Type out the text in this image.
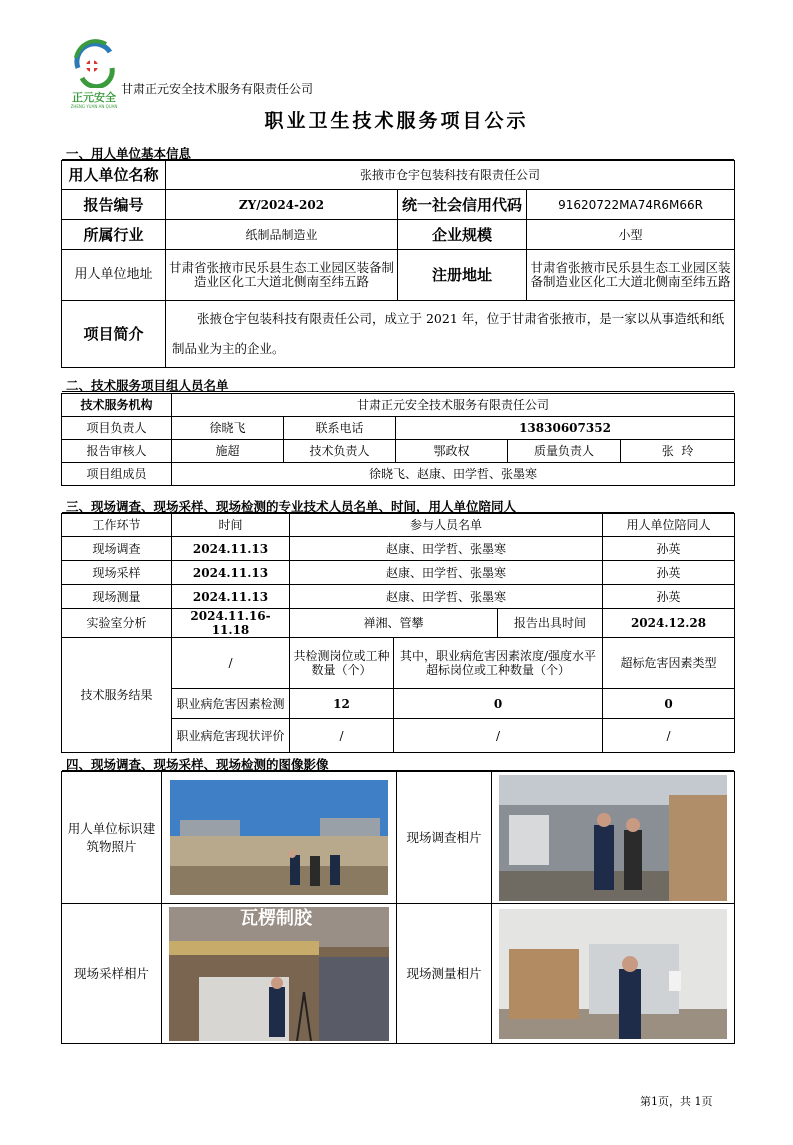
正元安全
ZHENG YUAN AN QUAN
甘肃正元安全技术服务有限责任公司
职业卫生技术服务项目公示
一、用人单位基本信息
用人单位名称	张掖市仓宇包装科技有限责任公司		
报告编号	ZY/2024-202	统一社会信用代码	91620722MA74R6M66R
所属行业	纸制品制造业	企业规模	小型
用人单位地址	甘肃省张掖市民乐县生态工业园区装备制造业区化工大道北侧南至纬五路	注册地址	甘肃省张掖市民乐县生态工业园区装备制造业区化工大道北侧南至纬五路
项目简介	张掖仓宇包装科技有限责任公司，成立于 2021 年，位于甘肃省张掖市，是一家以从事造纸和纸制品业为主的企业。		
二、技术服务项目组人员名单
技术服务机构	甘肃正元安全技术服务有限责任公司				
项目负责人	徐晓飞	联系电话	13830607352		
报告审核人	施超	技术负责人	鄂政权	质量负责人	张  玲
项目组成员	徐晓飞、赵康、田学哲、张墨寒				
三、现场调查、现场采样、现场检测的专业技术人员名单、时间，用人单位陪同人
工作环节	时间	参与人员名单			用人单位陪同人
现场调查	2024.11.13	赵康、田学哲、张墨寒			孙英
现场采样	2024.11.13	赵康、田学哲、张墨寒			孙英
现场测量	2024.11.13	赵康、田学哲、张墨寒			孙英
实验室分析	2024.11.16-11.18	禅湘、管攀		报告出具时间	2024.12.28
技术服务结果	/	共检测岗位或工种数量（个）	其中，职业病危害因素浓度/强度水平超标岗位或工种数量（个）		超标危害因素类型
	职业病危害因素检测	12	0		0
	职业病危害现状评价	/	/		/
四、现场调查、现场采样、现场检测的图像影像
用人单位标识建筑物照片		现场调查相片	

现场采样相片	瓦楞制胶	现场测量相片	
第1页，共 1页
